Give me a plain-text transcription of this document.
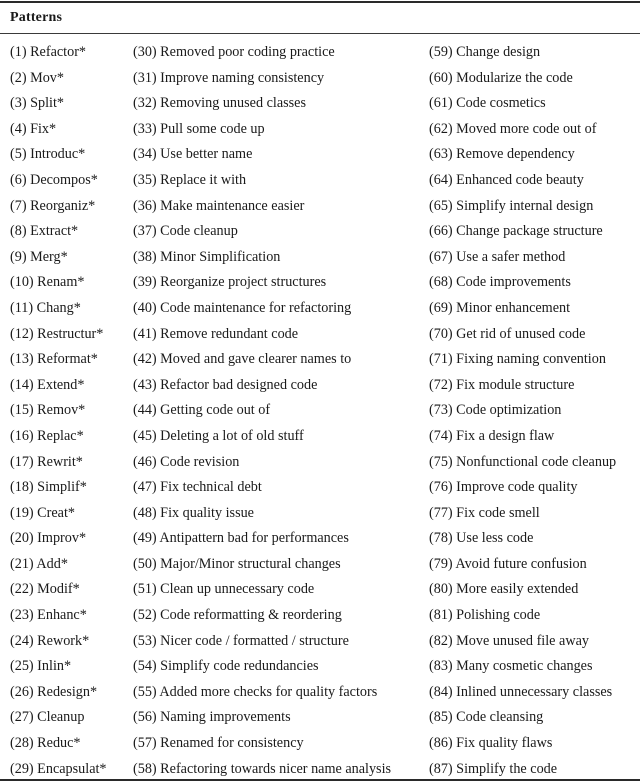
Patterns
(1) Refactor*	(30) Removed poor coding practice	(59) Change design
(2) Mov*	(31) Improve naming consistency	(60) Modularize the code
(3) Split*	(32) Removing unused classes	(61) Code cosmetics
(4) Fix*	(33) Pull some code up	(62) Moved more code out of
(5) Introduc*	(34) Use better name	(63) Remove dependency
(6) Decompos* (35) Replace it with	(64) Enhanced code beauty
(7) Reorganiz*	(36) Make maintenance easier	(65) Simplify internal design
(8) Extract*	(37) Code cleanup	(66) Change package structure
(9) Merg*	(38) Minor Simplification	(67) Use a safer method
(10) Renam*	(39) Reorganize project structures	(68) Code improvements
(11) Chang*	(40) Code maintenance for refactoring	(69) Minor enhancement
(12) Restructur* (41) Remove redundant code	(70) Get rid of unused code
(13) Reformat* (42) Moved and gave clearer names to	(71) Fixing naming convention
(14) Extend*	(43) Refactor bad designed code	(72) Fix module structure
(15) Remov*	(44) Getting code out of	(73) Code optimization
(16) Replac*	(45) Deleting a lot of old stuff	(74) Fix a design flaw
(17) Rewrit*	(46) Code revision	(75) Nonfunctional code cleanup
(18) Simplif*	(47) Fix technical debt	(76) Improve code quality
(19) Creat*	(48) Fix quality issue	(77) Fix code smell
(20) Improv*	(49) Antipattern bad for performances	(78) Use less code
(21) Add*	(50) Major/Minor structural changes	(79) Avoid future confusion
(22) Modif*	(51) Clean up unnecessary code	(80) More easily extended
(23) Enhanc*	(52) Code reformatting & reordering	(81) Polishing code
(24) Rework*	(53) Nicer code / formatted / structure	(82) Move unused file away
(25) Inlin*	(54) Simplify code redundancies	(83) Many cosmetic changes
(26) Redesign*	(55) Added more checks for quality factors	(84) Inlined unnecessary classes
(27) Cleanup	(56) Naming improvements	(85) Code cleansing
(28) Reduc*	(57) Renamed for consistency	(86) Fix quality flaws
(29) Encapsulat* (58) Refactoring towards nicer name analysis	(87) Simplify the code
